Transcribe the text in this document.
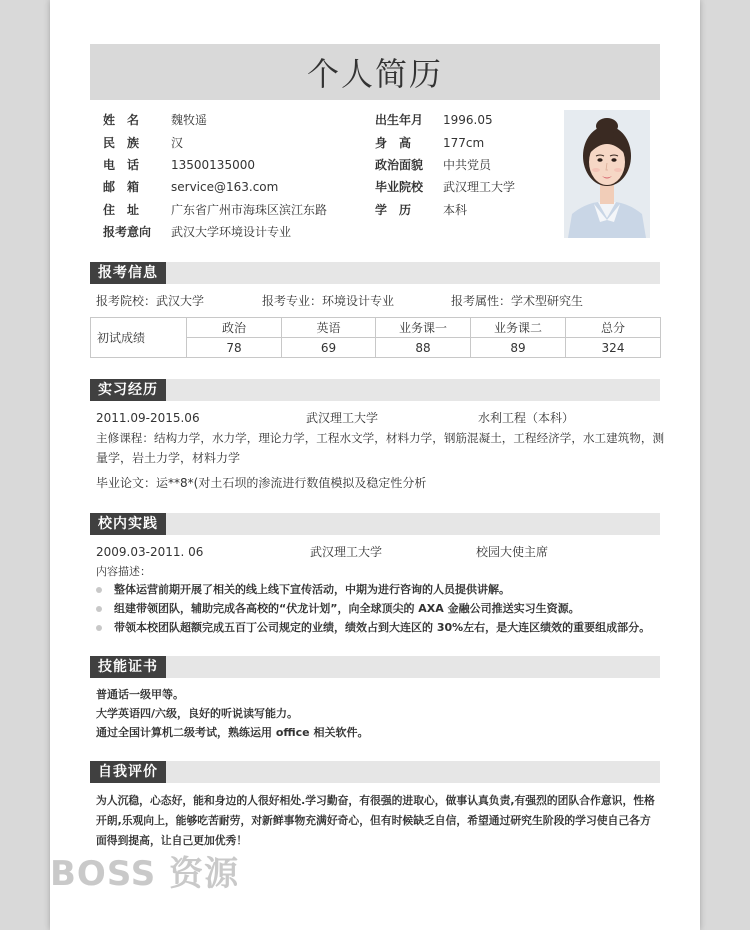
个人简历
姓　名	魏牧遥	出生年月 1996.05
民　族	汉	身　高	177cm
电　话	13500135000	政治面貌 中共党员
邮　箱	service@163.com	毕业院校 武汉理工大学
住　址	广东省广州市海珠区滨江东路	学　历	本科
报考意向 武汉大学环境设计专业
报考信息
报考院校：武汉大学	报考专业：环境设计专业	报考属性：学术型研究生
初试成绩	政治	英语	业务课一	业务课二	总分
	78	69	88	89	324
实习经历
2011.09-2015.06	武汉理工大学	水利工程（本科）
主修课程：结构力学，水力学，理论力学，工程水文学，材料力学，钢筋混凝土，工程经济学，水工建筑物，测
量学，岩土力学，材料力学
毕业论文：运**8*(对土石坝的渗流进行数值模拟及稳定性分析
校内实践
2009.03-2011. 06	武汉理工大学	校园大使主席
内容描述：
整体运营前期开展了相关的线上线下宣传活动，中期为进行咨询的人员提供讲解。
组建带领团队，辅助完成各高校的“伏龙计划”，向全球顶尖的 AXA 金融公司推送实习生资源。
带领本校团队超额完成五百丁公司规定的业绩，绩效占到大连区的 30%左右，是大连区绩效的重要组成部分。
技能证书
普通话一级甲等。
大学英语四/六级，良好的听说读写能力。
通过全国计算机二级考试，熟练运用 office 相关软件。
自我评价
为人沉稳，心态好，能和身边的人很好相处.学习勤奋，有很强的进取心，做事认真负责,有强烈的团队合作意识，性格
开朗,乐观向上，能够吃苦耐劳，对新鲜事物充满好奇心，但有时候缺乏自信，希望通过研究生阶段的学习使自己各方
面得到提高，让自己更加优秀！
BOSS 资源
